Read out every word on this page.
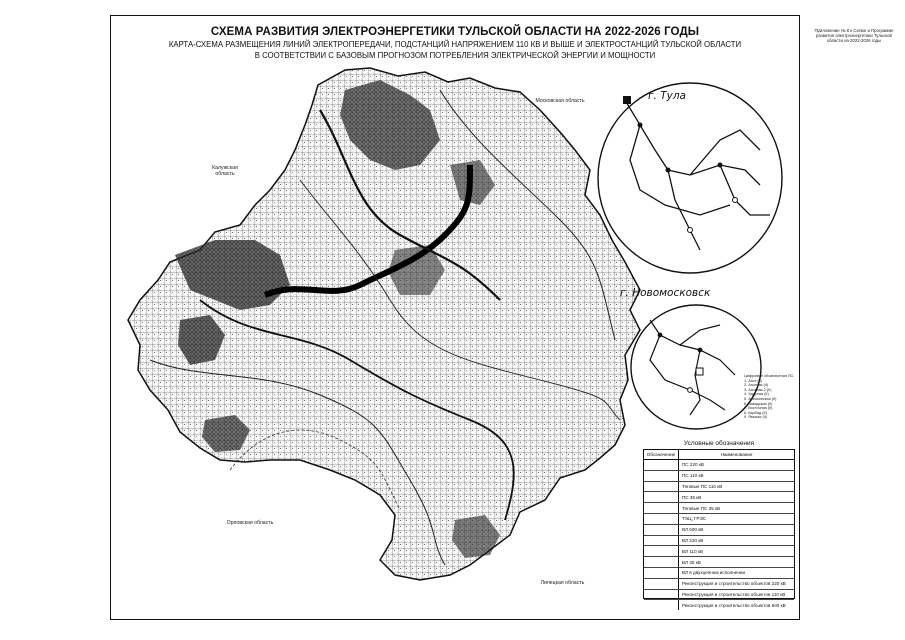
СХЕМА РАЗВИТИЯ ЭЛЕКТРОЭНЕРГЕТИКИ ТУЛЬСКОЙ ОБЛАСТИ НА 2022-2026 ГОДЫ
КАРТА-СХЕМА РАЗМЕЩЕНИЯ ЛИНИЙ ЭЛЕКТРОПЕРЕДАЧИ, ПОДСТАНЦИЙ НАПРЯЖЕНИЕМ 110 КВ И ВЫШЕ И ЭЛЕКТРОСТАНЦИЙ ТУЛЬСКОЙ ОБЛАСТИ
В СООТВЕТСТВИИ С БАЗОВЫМ ПРОГНОЗОМ ПОТРЕБЛЕНИЯ ЭЛЕКТРИЧЕСКОЙ ЭНЕРГИИ И МОЩНОСТИ
Приложение № 8 к Схеме и Программе развития электроэнергетики Тульской области на 2022-2026 годы
г. Тула
г. Новомосковск
Московская область
Калужская область
Орловская область
Липецкая область
Цифровые обозначения ПС:
1. Азот (II)
2. Азотная (II)
3. Азотная-2 (II)
4. Ударная (II)
5. Алексинская (II)
6. Заводская (II)
7. Восточная (II)
8. Карбид (II)
9. Ямская (II)
Условные обозначения
Обозначение	Наименование
ПС 220 кВ
ПС 110 кВ
Тяговые ПС 110 кВ
ПС 35 кВ
Тяговые ПС 35 кВ
ТЭЦ, ГРЭС
ВЛ 500 кВ
ВЛ 220 кВ
ВЛ 110 кВ
ВЛ 35 кВ
ВЛ в двухцепном исполнении
Реконструкция и строительство объектов 220 кВ
Реконструкция и строительство объектов 110 кВ
Реконструкция и строительство объектов 500 кВ
